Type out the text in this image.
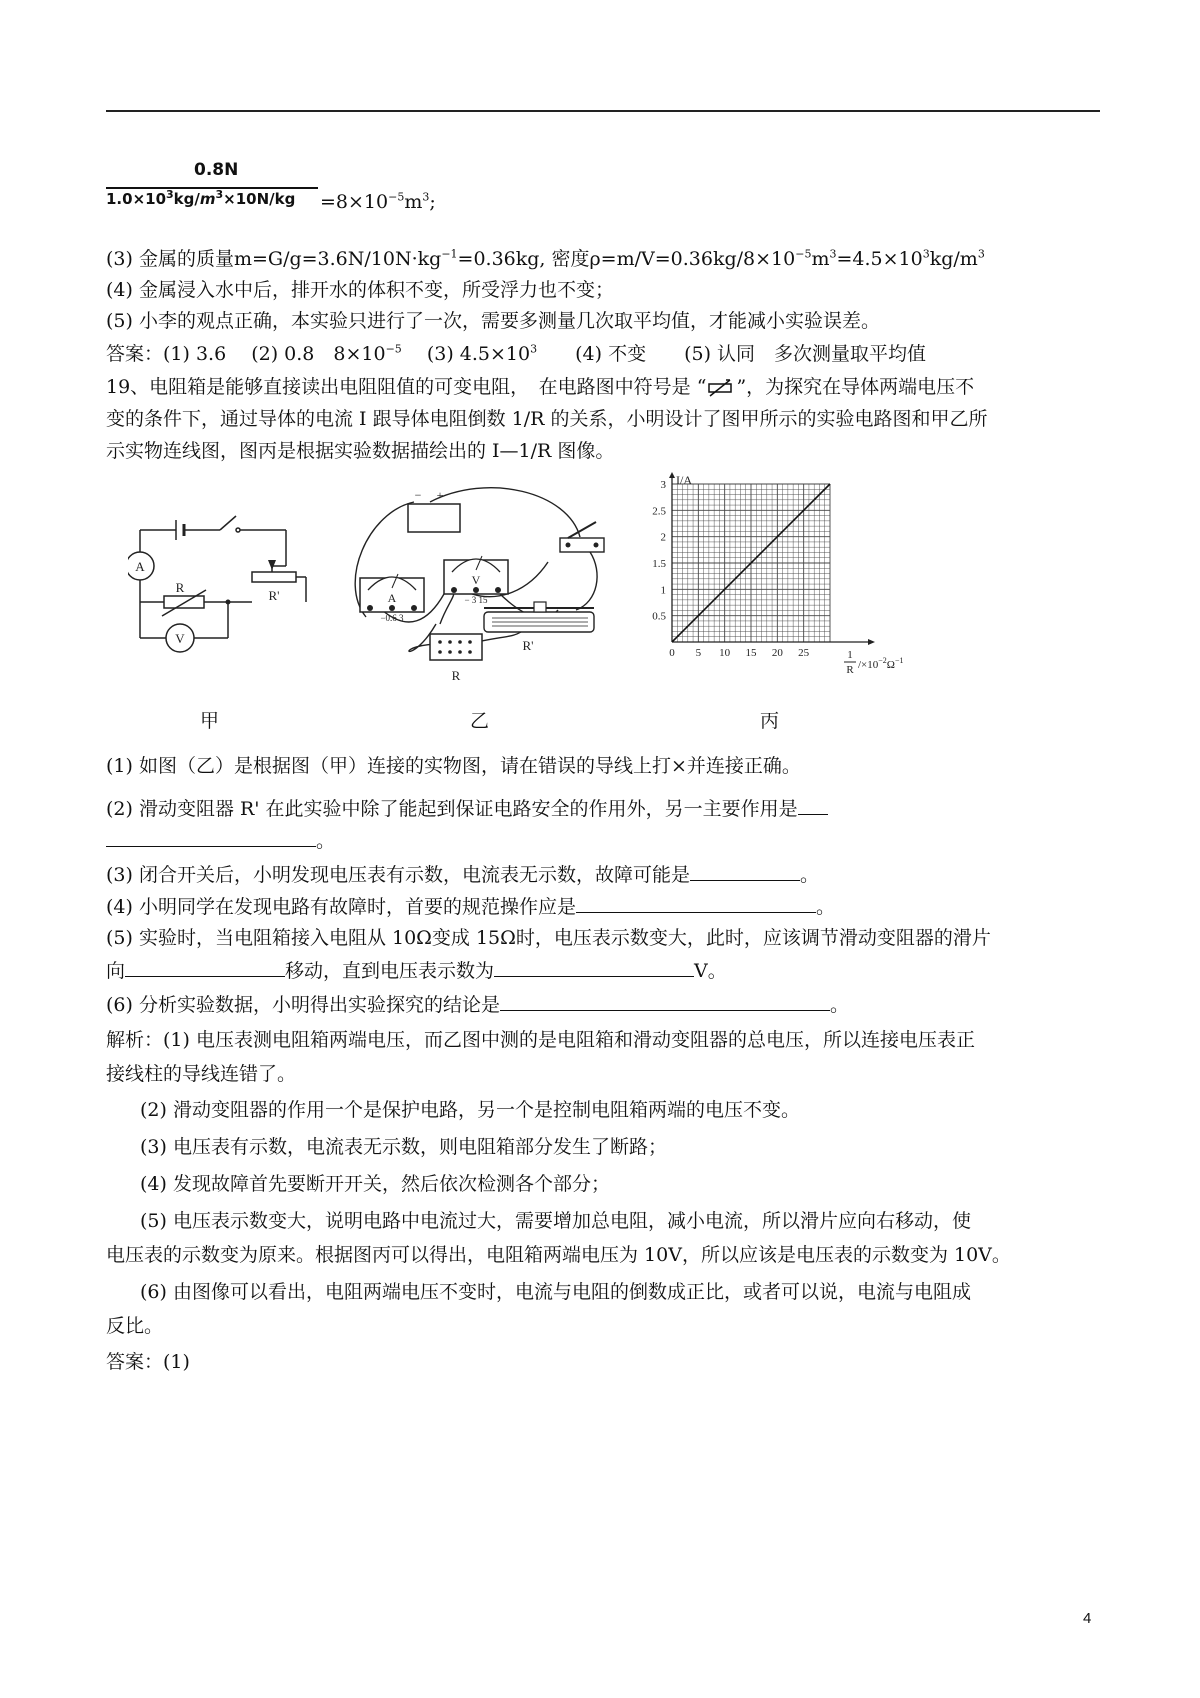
0.8N
$1.0\times 10^3kg/m^3\times 10N/kg =8\times 10^{-5}m^3$;
(3) 金属的质量$m=G/g=3.6N/10N\cdot kg^{-1}=0.36kg$, 密度$\rho=m/V=0.36kg/8\times 10^{-5}m^3=4.5\times 10^3kg/m^3$
(4) 金属浸入水中后，排开水的体积不变，所受浮力也不变；
(5) 小李的观点正确，本实验只进行了一次，需要多测量几次取平均值，才能减小实验误差。
答案：(1) 3.6　 (2) 0.8　$8\times 10^{-5}$　 (3) $4.5\times 10^3$　　(4) 不变　　(5) 认同　多次测量取平均值
19、电阻箱是能够直接读出电阻阻值的可变电阻，　在电路图中符号是 “ ”，为探究在导体两端电压不
变的条件下，通过导体的电流 I 跟导体电阻倒数 1/R 的关系，小明设计了图甲所示的实验电路图和甲乙所
示实物连线图，图丙是根据实验数据描绘出的 I—1/R 图像。
A
V
R
R'
甲
− +
A
−0.6 3
V
− 3 15
R'
R
乙
0 5 10 15 20 25
0.5
1
1.5
2
2.5
3 I/A
1
R $/\times 10^{-2}\Omega^{-1}$
丙
(1) 如图（乙）是根据图（甲）连接的实物图，请在错误的导线上打×并连接正确。
(2) 滑动变阻器 R' 在此实验中除了能起到保证电路安全的作用外，另一主要作用是
。
(3) 闭合开关后，小明发现电压表有示数，电流表无示数，故障可能是	。
(4) 小明同学在发现电路有故障时，首要的规范操作应是	。
(5) 实验时，当电阻箱接入电阻从 10Ω变成 15Ω时，电压表示数变大，此时，应该调节滑动变阻器的滑片
向	移动，直到电压表示数为	V。
(6) 分析实验数据，小明得出实验探究的结论是	。
解析：(1) 电压表测电阻箱两端电压，而乙图中测的是电阻箱和滑动变阻器的总电压，所以连接电压表正
接线柱的导线连错了。
(2) 滑动变阻器的作用一个是保护电路，另一个是控制电阻箱两端的电压不变。
(3) 电压表有示数，电流表无示数，则电阻箱部分发生了断路；
(4) 发现故障首先要断开开关，然后依次检测各个部分；
(5) 电压表示数变大，说明电路中电流过大，需要增加总电阻，减小电流，所以滑片应向右移动，使
电压表的示数变为原来。根据图丙可以得出，电阻箱两端电压为 10V，所以应该是电压表的示数变为 10V。
(6) 由图像可以看出，电阻两端电压不变时，电流与电阻的倒数成正比，或者可以说，电流与电阻成
反比。
答案：(1)
4
